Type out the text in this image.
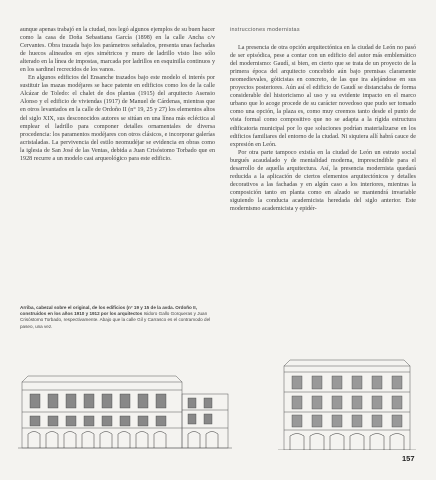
aunque apenas trabajó en la ciudad, nos legó algunos ejemplos de su buen hacer como la casa de Doña Sebastiana García (1898) en la calle Ancha c/v Cervantes. Obra trazada bajo los parámetros señalados, presenta unas fachadas de huecos alineados en ejes simétricos y muro de ladrillo visto liso sólo alterado en la línea de impostas, marcada por ladrillos en esquinilla continuos y en los sardinel recrecidos de los vanos.

En algunos edificios del Ensanche trazados bajo este modelo el interés por sustituir las mazas modéjares se hace patente en edificios como los de la calle Alcázar de Toledo: el chalet de dos plantas (1915) del arquitecto Asensio Alonso y el edificio de viviendas (1917) de Manuel de Cárdenas, mientras que en otros levantados en la calle de Ordoño II (n° 19, 25 y 27) los elementos altos del siglo XIX, sus desconocidos autores se sitúan en una línea más ecléctica al emplear el ladrillo para componer detalles ornamentales de diversa procedencia: los paramentos modéjares con otros clásicos, e incorporar galerías acristaladas. La pervivencia del estilo neomudéjar se evidencia en obras como la iglesia de San José de las Ventas, debida a Juan Crisóstomo Torbado que en 1928 recurre a un modelo casi arqueológico para este edificio.

instrucciones modernistas

La presencia de otra opción arquitectónica en la ciudad de León no pasó de ser episódica, pese a contar con un edificio del autor más emblemático del modernismo: Gaudí, si bien, en cierto que se trata de un proyecto de la primera época del arquitecto concebido aún bajo premisas claramente neomedievales, góticistas en concreto, de las que ira alejándose en sus proyectos posteriores. Aún así el edificio de Gaudí se distanciaba de forma considerable del historicismo al uso y su evidente impacto en el marco urbano que lo acoge procede de su carácter novedoso que pudo ser tomado como una opción, la plaza es, como muy creemos tanto desde el punto de vista formal como compositivo que no se adapta a la rígida estructura edificatoria municipal por lo que soluciones podrían materializarse en los edificios familiares del entorno de la ciudad. Ni siquiera allí habrá cauce de expresión en León.

Por otra parte tampoco existía en la ciudad de León un estrato social burgués acaudalado y de mentalidad moderna, imprescindible para el desarrollo de aquella arquitectura. Así, la presencia modernista quedará reducida a la aplicación de ciertos elementos arquitectónicos y detalles decorativos a las fachadas y en algún caso a los interiores, mientras la composición tanto en planta como en alzado se mantendrá invariable siguiendo la conducta academicista heredada del siglo anterior. Este modernismo academicista y epidér-

Arriba, cabezal sobre el original, de los edificios (n° 19 y 15 de la avda. Ordoño II, construidos en los años 1910 y 1912 por los arquitectos Isidoro Gallo Gorqueras y Juan Crisóstomo Torbado, respectivamente. Abajo que la calle Gil y Carrasco es el contramodo del paseo, una vez.
157
